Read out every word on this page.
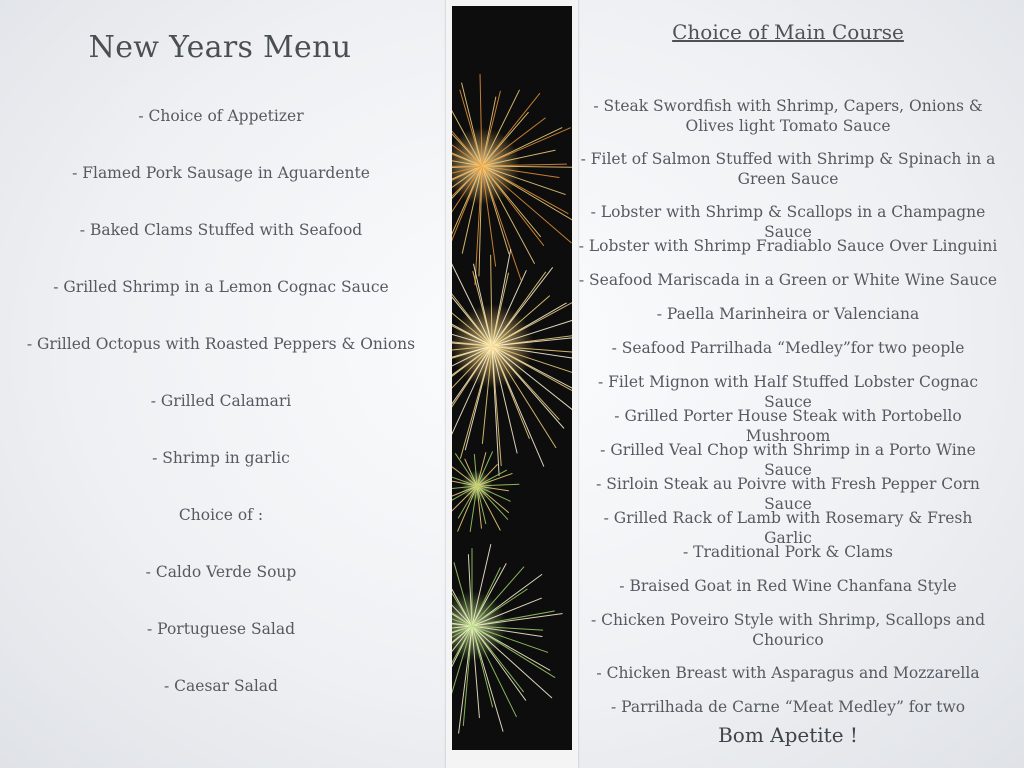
New Years Menu
- Choice of Appetizer
- Flamed Pork Sausage in Aguardente
- Baked Clams Stuffed with Seafood
- Grilled Shrimp in a Lemon Cognac Sauce
- Grilled Octopus with Roasted Peppers & Onions
- Grilled Calamari
- Shrimp in garlic
Choice of :
- Caldo Verde Soup
- Portuguese Salad
- Caesar Salad
Choice of Main Course
- Steak Swordfish with Shrimp, Capers, Onions & Olives light Tomato Sauce
- Filet of Salmon Stuffed with Shrimp & Spinach in a Green Sauce
- Lobster with Shrimp & Scallops in a Champagne Sauce
- Lobster with Shrimp Fradiablo Sauce Over Linguini
- Seafood Mariscada in a Green or White Wine Sauce
- Paella Marinheira or Valenciana
- Seafood Parrilhada “Medley”for two people
- Filet Mignon with Half Stuffed Lobster Cognac Sauce
- Grilled Porter House Steak with Portobello Mushroom
- Grilled Veal Chop with Shrimp in a Porto Wine Sauce
- Sirloin Steak au Poivre with Fresh Pepper Corn Sauce
- Grilled Rack of Lamb with Rosemary & Fresh Garlic
- Traditional Pork & Clams
- Braised Goat in Red Wine Chanfana Style
- Chicken Poveiro Style with Shrimp, Scallops and Chourico
- Chicken Breast with Asparagus and Mozzarella
- Parrilhada de Carne “Meat Medley” for two
Bom Apetite !
